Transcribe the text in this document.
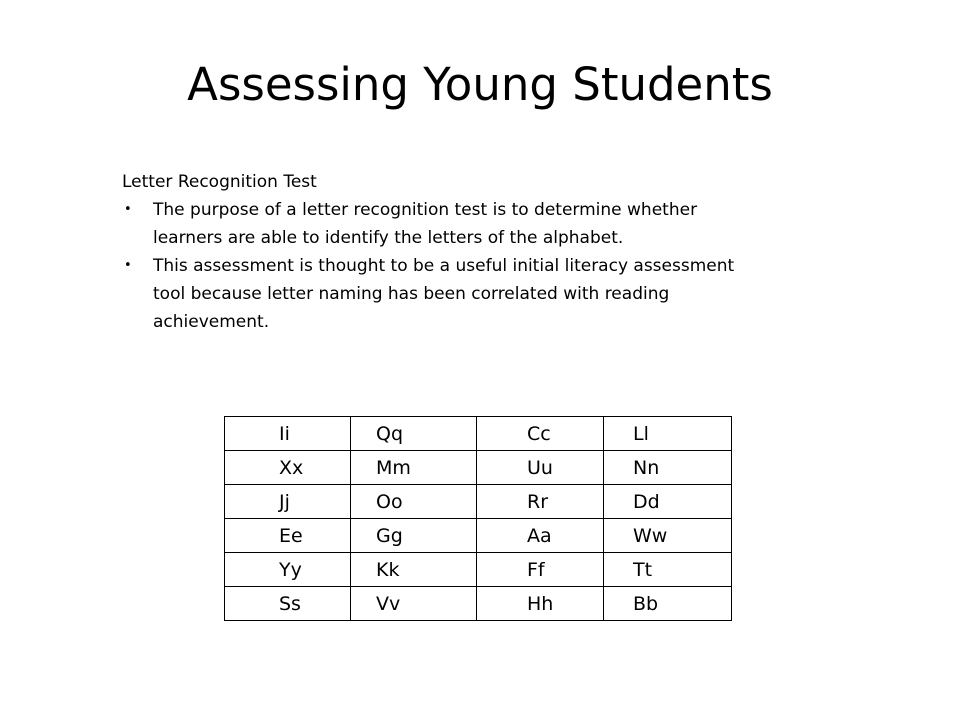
Assessing Young Students

Letter Recognition Test

• The purpose of a letter recognition test is to determine whether learners are able to identify the letters of the alphabet.
• This assessment is thought to be a useful initial literacy assessment tool because letter naming has been correlated with reading achievement.
Ii	Qq	Cc	Ll
Xx	Mm	Uu	Nn
Jj	Oo	Rr	Dd
Ee	Gg	Aa	Ww
Yy	Kk	Ff	Tt
Ss	Vv	Hh	Bb
